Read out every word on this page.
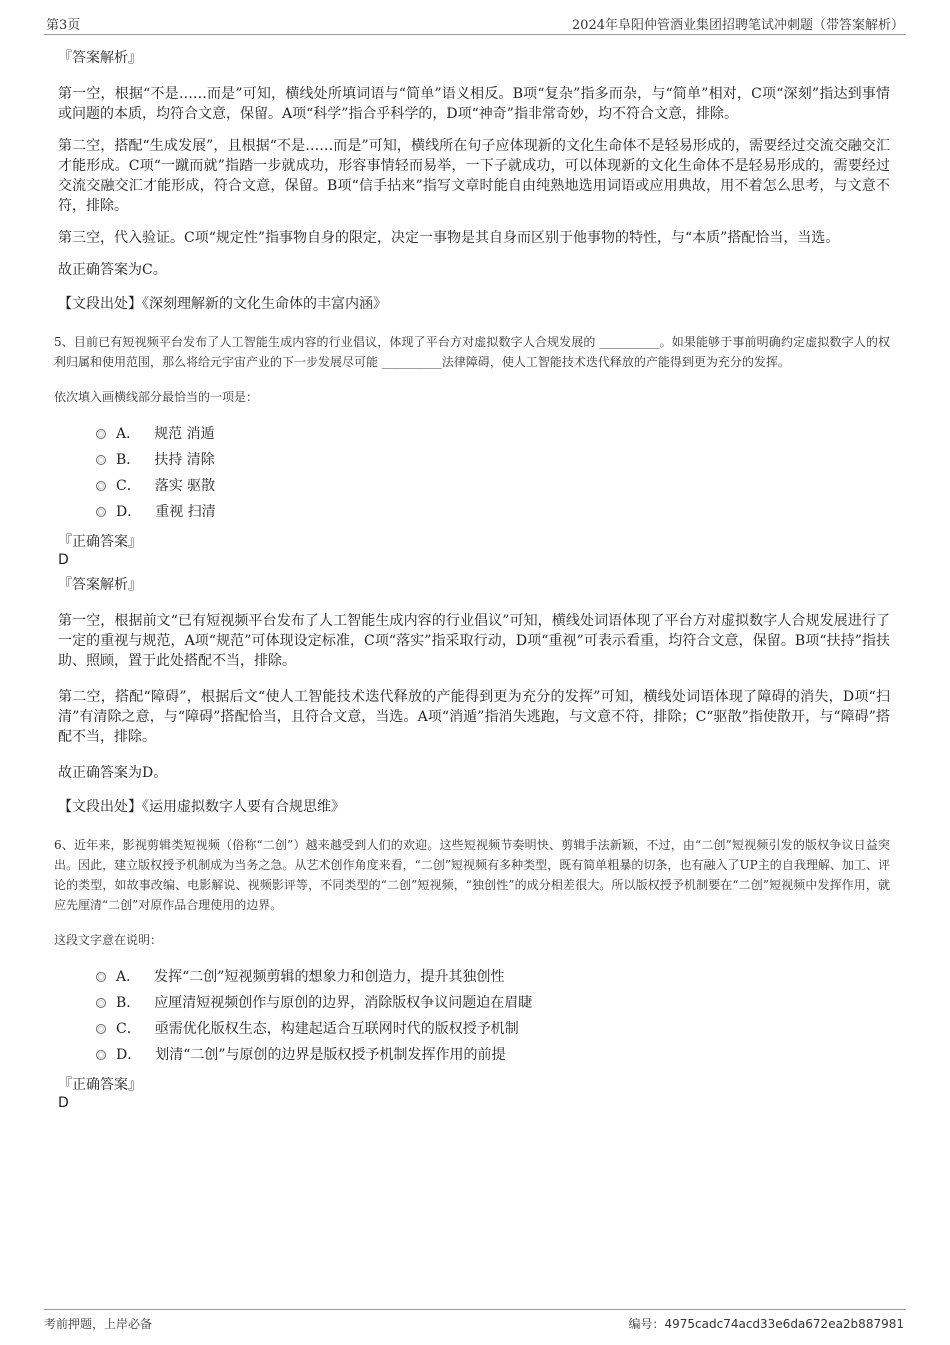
第3页	2024年阜阳仲管酒业集团招聘笔试冲刺题（带答案解析）
『答案解析』
第一空，根据“不是……而是”可知，横线处所填词语与“简单”语义相反。B项“复杂”指多而杂，与“简单”相对，C项“深刻”指达到事情或问题的本质，均符合文意，保留。A项“科学”指合乎科学的，D项“神奇”指非常奇妙，均不符合文意，排除。
第二空，搭配“生成发展”，且根据“不是……而是”可知，横线所在句子应体现新的文化生命体不是轻易形成的，需要经过交流交融交汇才能形成。C项“一蹴而就”指踏一步就成功，形容事情轻而易举，一下子就成功，可以体现新的文化生命体不是轻易形成的，需要经过交流交融交汇才能形成，符合文意，保留。B项“信手拈来”指写文章时能自由纯熟地选用词语或应用典故，用不着怎么思考，与文意不符，排除。
第三空，代入验证。C项“规定性”指事物自身的限定，决定一事物是其自身而区别于他事物的特性，与“本质”搭配恰当，当选。
故正确答案为C。
【文段出处】《深刻理解新的文化生命体的丰富内涵》
5、目前已有短视频平台发布了人工智能生成内容的行业倡议，体现了平台方对虚拟数字人合规发展的 __________。如果能够于事前明确约定虚拟数字人的权利归属和使用范围，那么将给元宇宙产业的下一步发展尽可能 __________法律障碍，使人工智能技术迭代释放的产能得到更为充分的发挥。
依次填入画横线部分最恰当的一项是：
A． 规范 消遁
B． 扶持 清除
C． 落实 驱散
D． 重视 扫清
『正确答案』
D
『答案解析』
第一空，根据前文“已有短视频平台发布了人工智能生成内容的行业倡议”可知，横线处词语体现了平台方对虚拟数字人合规发展进行了一定的重视与规范，A项“规范”可体现设定标准，C项“落实”指采取行动，D项“重视”可表示看重，均符合文意，保留。B项“扶持”指扶助、照顾，置于此处搭配不当，排除。
第二空，搭配“障碍”，根据后文“使人工智能技术迭代释放的产能得到更为充分的发挥”可知，横线处词语体现了障碍的消失，D项“扫清”有清除之意，与“障碍”搭配恰当，且符合文意，当选。A项“消遁”指消失逃跑，与文意不符，排除；C“驱散”指使散开，与“障碍”搭配不当，排除。
故正确答案为D。
【文段出处】《运用虚拟数字人要有合规思维》
6、近年来，影视剪辑类短视频（俗称“二创”）越来越受到人们的欢迎。这些短视频节奏明快、剪辑手法新颖，不过，由“二创”短视频引发的版权争议日益突出。因此，建立版权授予机制成为当务之急。从艺术创作角度来看，“二创”短视频有多种类型，既有简单粗暴的切条，也有融入了UP主的自我理解、加工、评论的类型，如故事改编、电影解说、视频影评等，不同类型的“二创”短视频，“独创性”的成分相差很大。所以版权授予机制要在“二创”短视频中发挥作用，就应先厘清“二创”对原作品合理使用的边界。
这段文字意在说明：
A． 发挥“二创”短视频剪辑的想象力和创造力，提升其独创性
B． 应厘清短视频创作与原创的边界，消除版权争议问题迫在眉睫
C． 亟需优化版权生态，构建起适合互联网时代的版权授予机制
D． 划清“二创”与原创的边界是版权授予机制发挥作用的前提
『正确答案』
D
考前押题，上岸必备	编号：4975cadc74acd33e6da672ea2b887981
